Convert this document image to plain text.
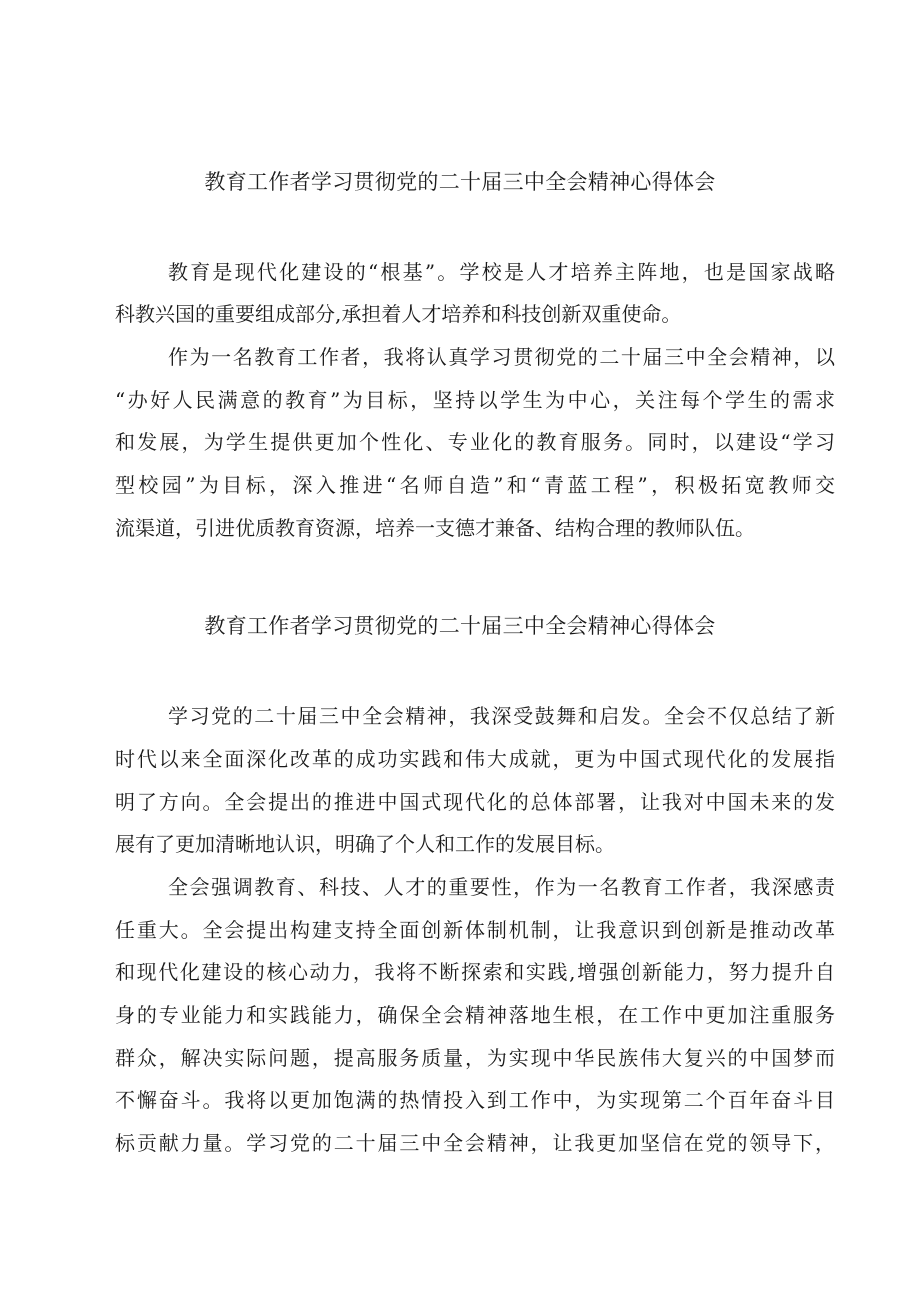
教育工作者学习贯彻党的二十届三中全会精神心得体会
教育是现代化建设的“根基”。学校是人才培养主阵地，也是国家战略
科教兴国的重要组成部分,承担着人才培养和科技创新双重使命。
作为一名教育工作者，我将认真学习贯彻党的二十届三中全会精神，以
“办好人民满意的教育”为目标，坚持以学生为中心，关注每个学生的需求
和发展，为学生提供更加个性化、专业化的教育服务。同时，以建设“学习
型校园”为目标，深入推进“名师自造”和“青蓝工程”，积极拓宽教师交
流渠道，引进优质教育资源，培养一支德才兼备、结构合理的教师队伍。
教育工作者学习贯彻党的二十届三中全会精神心得体会
学习党的二十届三中全会精神，我深受鼓舞和启发。全会不仅总结了新
时代以来全面深化改革的成功实践和伟大成就，更为中国式现代化的发展指
明了方向。全会提出的推进中国式现代化的总体部署，让我对中国未来的发
展有了更加清晰地认识，明确了个人和工作的发展目标。
全会强调教育、科技、人才的重要性，作为一名教育工作者，我深感责
任重大。全会提出构建支持全面创新体制机制，让我意识到创新是推动改革
和现代化建设的核心动力，我将不断探索和实践,增强创新能力，努力提升自
身的专业能力和实践能力，确保全会精神落地生根，在工作中更加注重服务
群众，解决实际问题，提高服务质量，为实现中华民族伟大复兴的中国梦而
不懈奋斗。我将以更加饱满的热情投入到工作中，为实现第二个百年奋斗目
标贡献力量。学习党的二十届三中全会精神，让我更加坚信在党的领导下，
